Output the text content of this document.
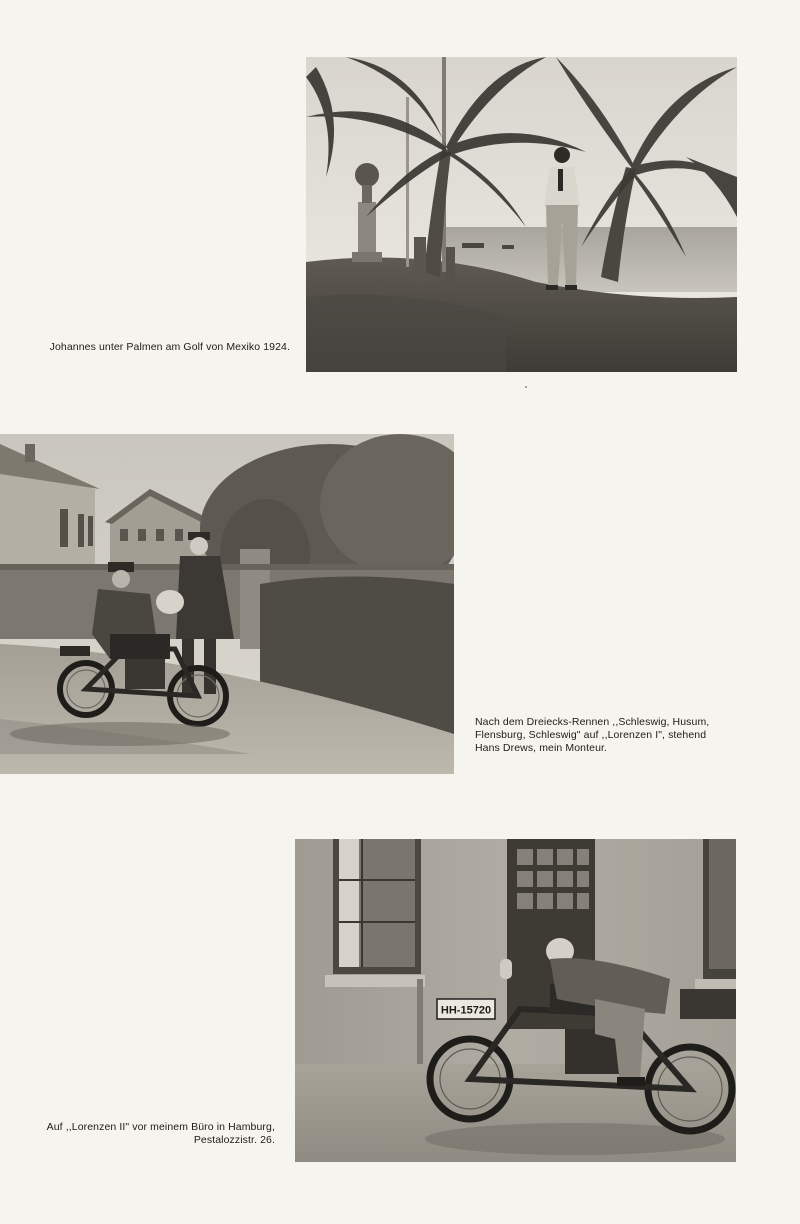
Johannes unter Palmen am Golf von Mexiko 1924.
Nach dem Dreiecks-Rennen ,,Schleswig, Husum,
Flensburg, Schleswig" auf ,,Lorenzen I", stehend
Hans Drews, mein Monteur.
HH-15720
Auf ,,Lorenzen II" vor meinem Büro in Hamburg,
Pestalozzistr. 26.
